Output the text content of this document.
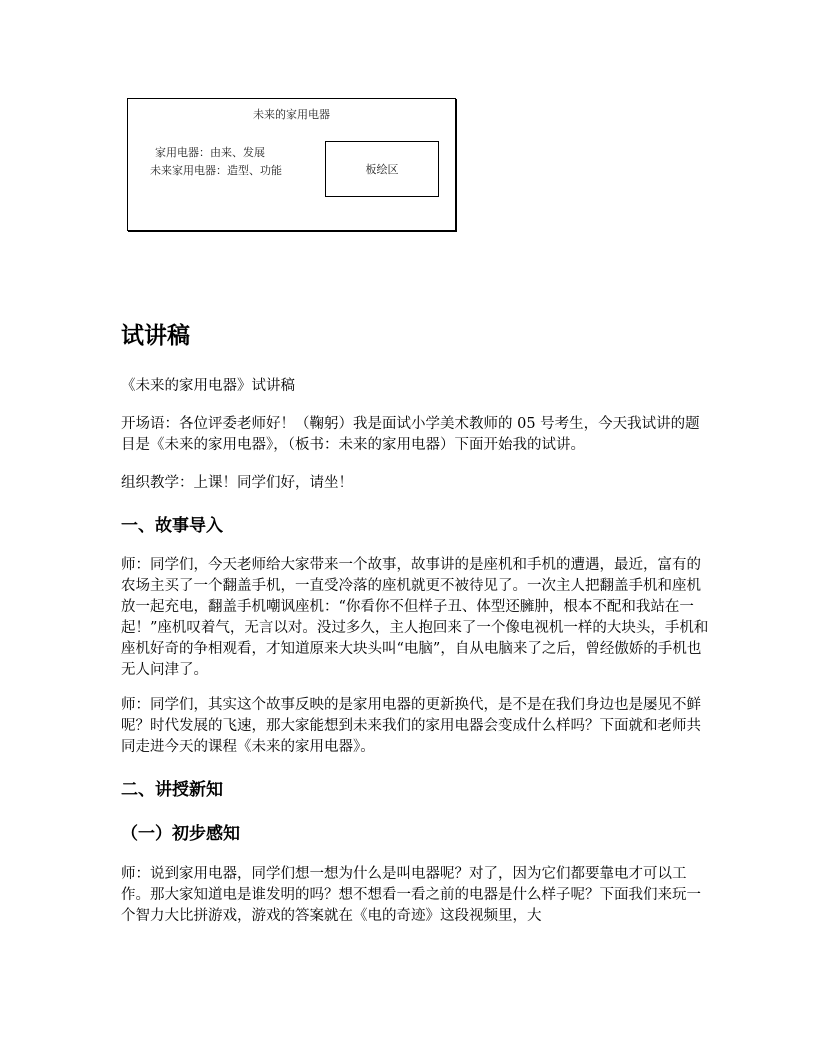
未来的家用电器
家用电器：由来、发展
未来家用电器：造型、功能	板绘区
试讲稿

《未来的家用电器》试讲稿

开场语：各位评委老师好！（鞠躬）我是面试小学美术教师的 05 号考生，今天我试讲的题目是《未来的家用电器》，（板书：未来的家用电器）下面开始我的试讲。

组织教学：上课！同学们好，请坐！

一、故事导入

师：同学们，今天老师给大家带来一个故事，故事讲的是座机和手机的遭遇，最近，富有的农场主买了一个翻盖手机，一直受冷落的座机就更不被待见了。一次主人把翻盖手机和座机放一起充电，翻盖手机嘲讽座机：“你看你不但样子丑、体型还臃肿，根本不配和我站在一起！”座机叹着气，无言以对。没过多久，主人抱回来了一个像电视机一样的大块头，手机和座机好奇的争相观看，才知道原来大块头叫“电脑”，自从电脑来了之后，曾经傲娇的手机也无人问津了。

师：同学们，其实这个故事反映的是家用电器的更新换代，是不是在我们身边也是屡见不鲜呢？时代发展的飞速，那大家能想到未来我们的家用电器会变成什么样吗？下面就和老师共同走进今天的课程《未来的家用电器》。

二、讲授新知
（一）初步感知

师：说到家用电器，同学们想一想为什么是叫电器呢？对了，因为它们都要靠电才可以工作。那大家知道电是谁发明的吗？想不想看一看之前的电器是什么样子呢？下面我们来玩一个智力大比拼游戏，游戏的答案就在《电的奇迹》这段视频里，大
